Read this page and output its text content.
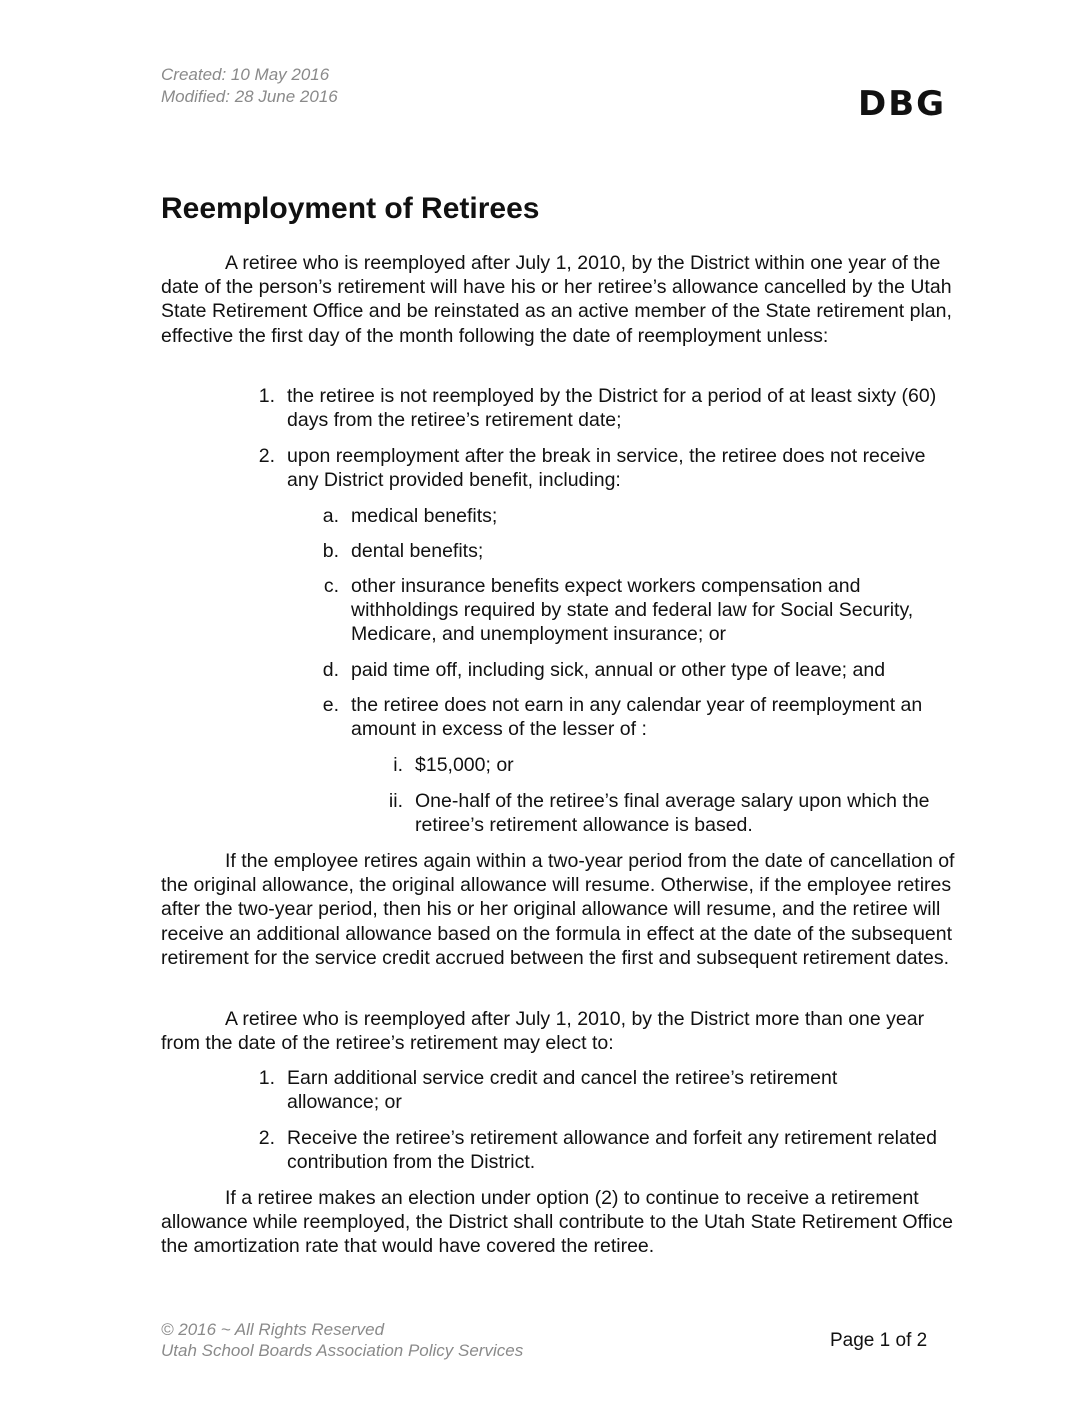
Created: 10 May 2016
Modified: 28 June 2016	DBG
Reemployment of Retirees

A retiree who is reemployed after July 1, 2010, by the District within one year of the date of the person’s retirement will have his or her retiree’s allowance cancelled by the Utah State Retirement Office and be reinstated as an active member of the State retirement plan, effective the first day of the month following the date of reemployment unless:

1. the retiree is not reemployed by the District for a period of at least sixty (60) days from the retiree’s retirement date;
2. upon reemployment after the break in service, the retiree does not receive any District provided benefit, including:
a. medical benefits;
b. dental benefits;
c. other insurance benefits expect workers compensation and withholdings required by state and federal law for Social Security, Medicare, and unemployment insurance; or
d. paid time off, including sick, annual or other type of leave; and
e. the retiree does not earn in any calendar year of reemployment an amount in excess of the lesser of :
i. $15,000; or
ii. One-half of the retiree’s final average salary upon which the retiree’s retirement allowance is based.

If the employee retires again within a two-year period from the date of cancellation of the original allowance, the original allowance will resume. Otherwise, if the employee retires after the two-year period, then his or her original allowance will resume, and the retiree will receive an additional allowance based on the formula in effect at the date of the subsequent retirement for the service credit accrued between the first and subsequent retirement dates.

A retiree who is reemployed after July 1, 2010, by the District more than one year from the date of the retiree’s retirement may elect to:

1. Earn additional service credit and cancel the retiree’s retirement allowance; or
2. Receive the retiree’s retirement allowance and forfeit any retirement related contribution from the District.

If a retiree makes an election under option (2) to continue to receive a retirement allowance while reemployed, the District shall contribute to the Utah State Retirement Office the amortization rate that would have covered the retiree.

© 2016 ~ All Rights Reserved
Utah School Boards Association Policy Services	Page 1 of 2
